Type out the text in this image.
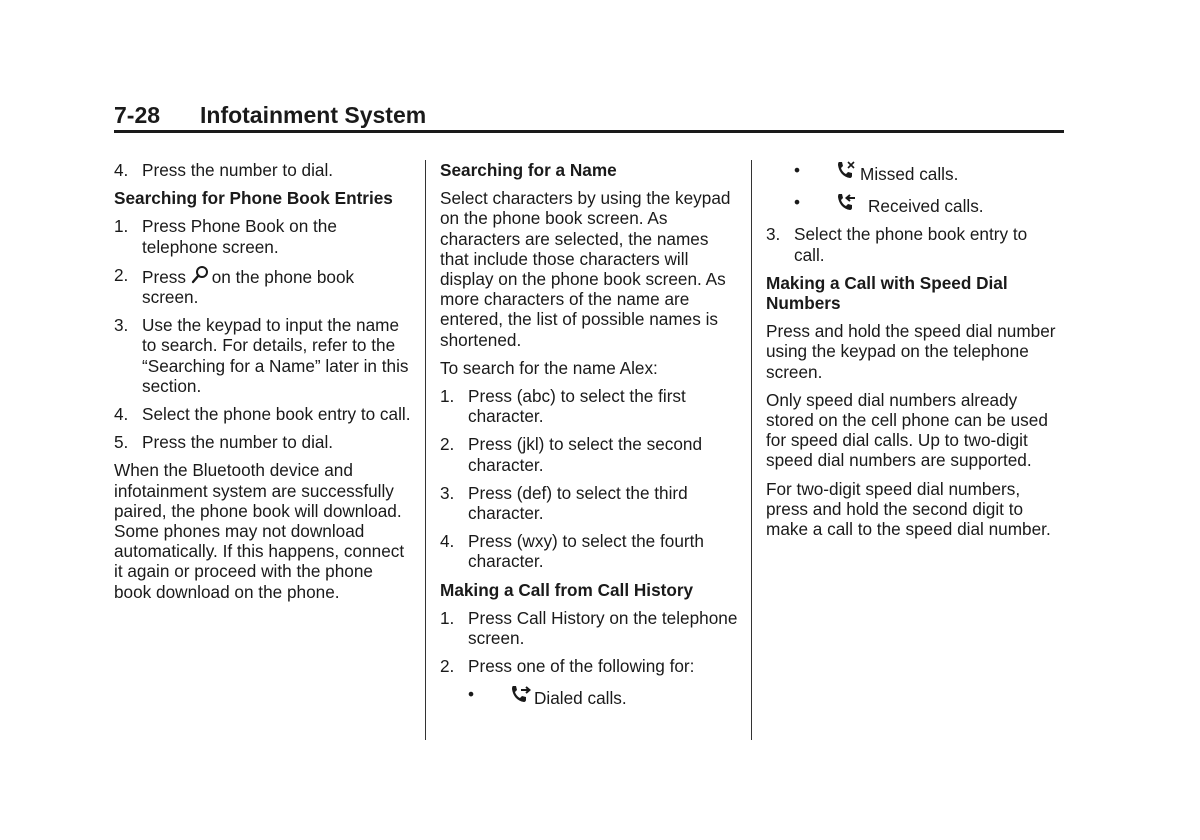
7-28 Infotainment System
4. Press the number to dial.
Searching for Phone Book Entries
1. Press Phone Book on the telephone screen.
2. Press on the phone book screen.
3. Use the keypad to input the name to search. For details, refer to the “Searching for a Name” later in this section.
4. Select the phone book entry to call.
5. Press the number to dial.

When the Bluetooth device and infotainment system are successfully paired, the phone book will download. Some phones may not download automatically. If this happens, connect it again or proceed with the phone book download on the phone.

Searching for a Name

Select characters by using the keypad on the phone book screen. As characters are selected, the names that include those characters will display on the phone book screen. As more characters of the name are entered, the list of possible names is shortened.

To search for the name Alex:

1. Press (abc) to select the first character.
2. Press (jkl) to select the second character.
3. Press (def) to select the third character.
4. Press (wxy) to select the fourth character.
Making a Call from Call History
1. Press Call History on the telephone screen.
2. Press one of the following for:
•	Dialed calls.
•	Missed calls.
•	Received calls.
3. Select the phone book entry to call.
Making a Call with Speed Dial Numbers

Press and hold the speed dial number using the keypad on the telephone screen.

Only speed dial numbers already stored on the cell phone can be used for speed dial calls. Up to two-digit speed dial numbers are supported.

For two-digit speed dial numbers, press and hold the second digit to make a call to the speed dial number.
